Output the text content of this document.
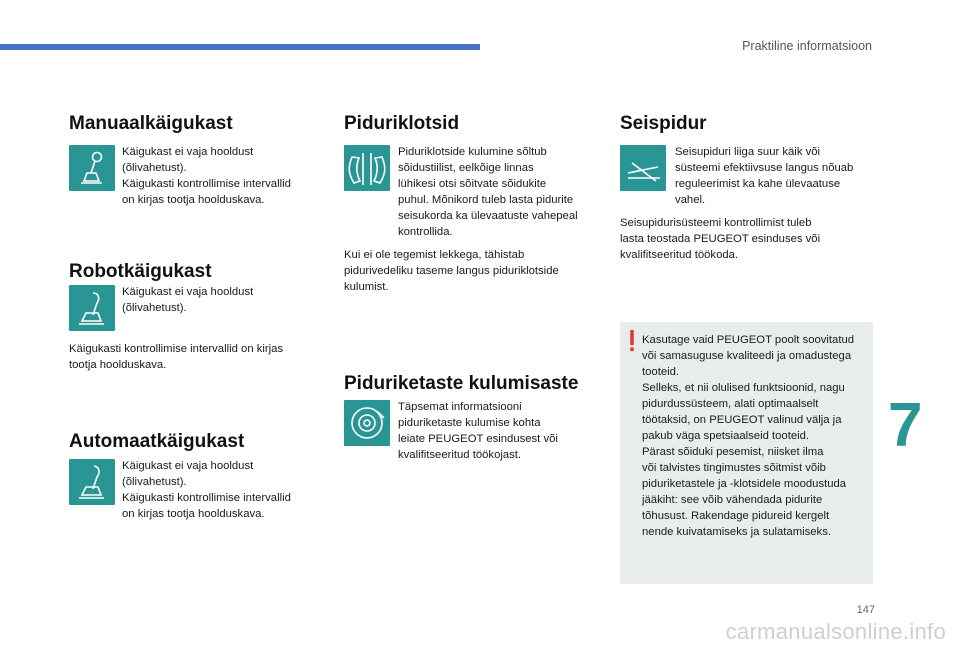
Praktiline informatsioon
Manuaalkäigukast

Käigukast ei vaja hooldust
(õlivahetust).
Käigukasti kontrollimise intervallid
on kirjas tootja hoolduskava.

Robotkäigukast

Käigukast ei vaja hooldust
(õlivahetust).

Käigukasti kontrollimise intervallid on kirjas
tootja hoolduskava.

Automaatkäigukast

Käigukast ei vaja hooldust
(õlivahetust).
Käigukasti kontrollimise intervallid
on kirjas tootja hoolduskava.

Piduriklotsid

Piduriklotside kulumine sõltub
sõidustiilist, eelkõige linnas
lühikesi otsi sõitvate sõidukite
puhul. Mõnikord tuleb lasta pidurite
seisukorda ka ülevaatuste vahepeal
kontrollida.

Kui ei ole tegemist lekkega, tähistab
pidurivedeliku taseme langus piduriklotside
kulumist.

Piduriketaste kulumisaste

Täpsemat informatsiooni
piduriketaste kulumise kohta
leiate PEUGEOT esindusest või
kvalifitseeritud töökojast.

Seispidur

Seisupiduri liiga suur käik või
süsteemi efektiivsuse langus nõuab
reguleerimist ka kahe ülevaatuse
vahel.

Seisupidurisüsteemi kontrollimist tuleb
lasta teostada PEUGEOT esinduses või
kvalifitseeritud töökoda.

Kasutage vaid PEUGEOT poolt soovitatud
või samasuguse kvaliteedi ja omadustega
tooteid.
Selleks, et nii olulised funktsioonid, nagu
pidurdussüsteem, alati optimaalselt
töötaksid, on PEUGEOT valinud välja ja
pakub väga spetsiaalseid tooteid.
Pärast sõiduki pesemist, niisket ilma
või talvistes tingimustes sõitmist võib
piduriketastele ja -klotsidele moodustuda
jääkiht: see võib vähendada pidurite
tõhusust. Rakendage pidureid kergelt
nende kuivatamiseks ja sulatamiseks.

7
147
carmanualsonline.info
